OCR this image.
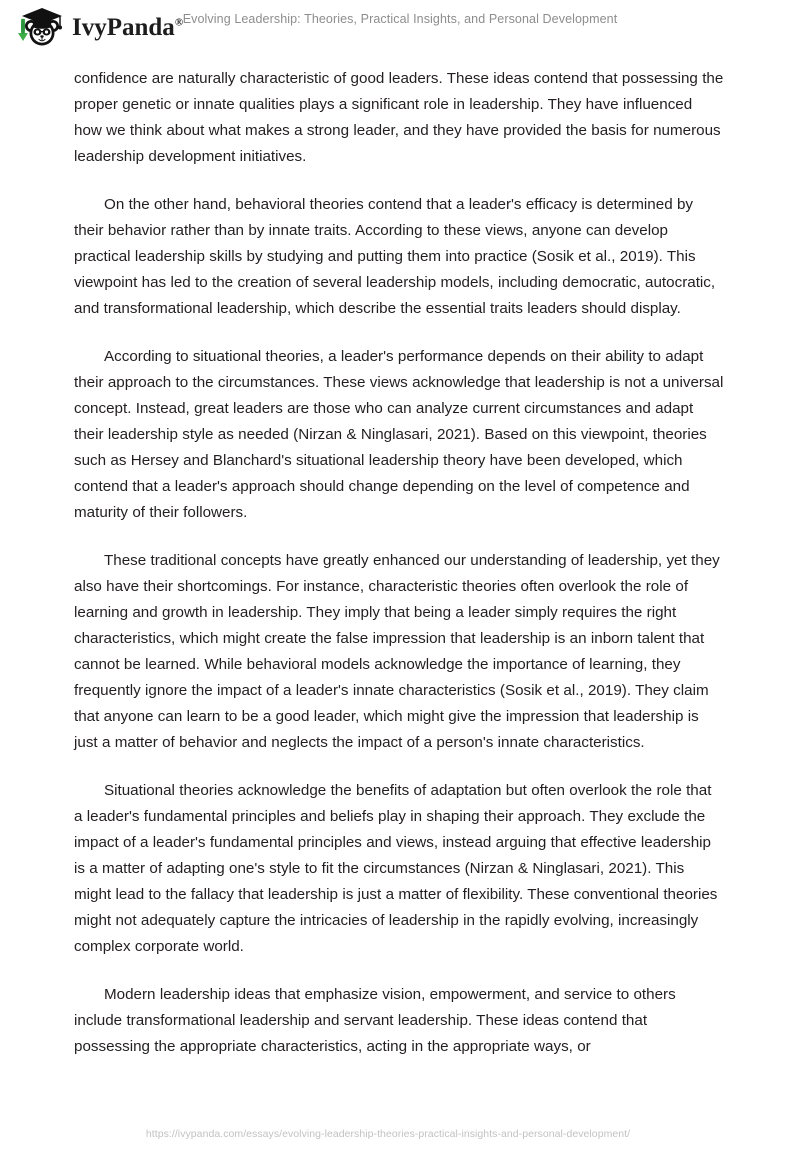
IvyPanda® Evolving Leadership: Theories, Practical Insights, and Personal Development

confidence are naturally characteristic of good leaders. These ideas contend that possessing the proper genetic or innate qualities plays a significant role in leadership. They have influenced how we think about what makes a strong leader, and they have provided the basis for numerous leadership development initiatives.

On the other hand, behavioral theories contend that a leader's efficacy is determined by their behavior rather than by innate traits. According to these views, anyone can develop practical leadership skills by studying and putting them into practice (Sosik et al., 2019). This viewpoint has led to the creation of several leadership models, including democratic, autocratic, and transformational leadership, which describe the essential traits leaders should display.

According to situational theories, a leader's performance depends on their ability to adapt their approach to the circumstances. These views acknowledge that leadership is not a universal concept. Instead, great leaders are those who can analyze current circumstances and adapt their leadership style as needed (Nirzan & Ninglasari, 2021). Based on this viewpoint, theories such as Hersey and Blanchard's situational leadership theory have been developed, which contend that a leader's approach should change depending on the level of competence and maturity of their followers.

These traditional concepts have greatly enhanced our understanding of leadership, yet they also have their shortcomings. For instance, characteristic theories often overlook the role of learning and growth in leadership. They imply that being a leader simply requires the right characteristics, which might create the false impression that leadership is an inborn talent that cannot be learned. While behavioral models acknowledge the importance of learning, they frequently ignore the impact of a leader's innate characteristics (Sosik et al., 2019). They claim that anyone can learn to be a good leader, which might give the impression that leadership is just a matter of behavior and neglects the impact of a person's innate characteristics.

Situational theories acknowledge the benefits of adaptation but often overlook the role that a leader's fundamental principles and beliefs play in shaping their approach. They exclude the impact of a leader's fundamental principles and views, instead arguing that effective leadership is a matter of adapting one's style to fit the circumstances (Nirzan & Ninglasari, 2021). This might lead to the fallacy that leadership is just a matter of flexibility. These conventional theories might not adequately capture the intricacies of leadership in the rapidly evolving, increasingly complex corporate world.

Modern leadership ideas that emphasize vision, empowerment, and service to others include transformational leadership and servant leadership. These ideas contend that possessing the appropriate characteristics, acting in the appropriate ways, or

https://ivypanda.com/essays/evolving-leadership-theories-practical-insights-and-personal-development/
